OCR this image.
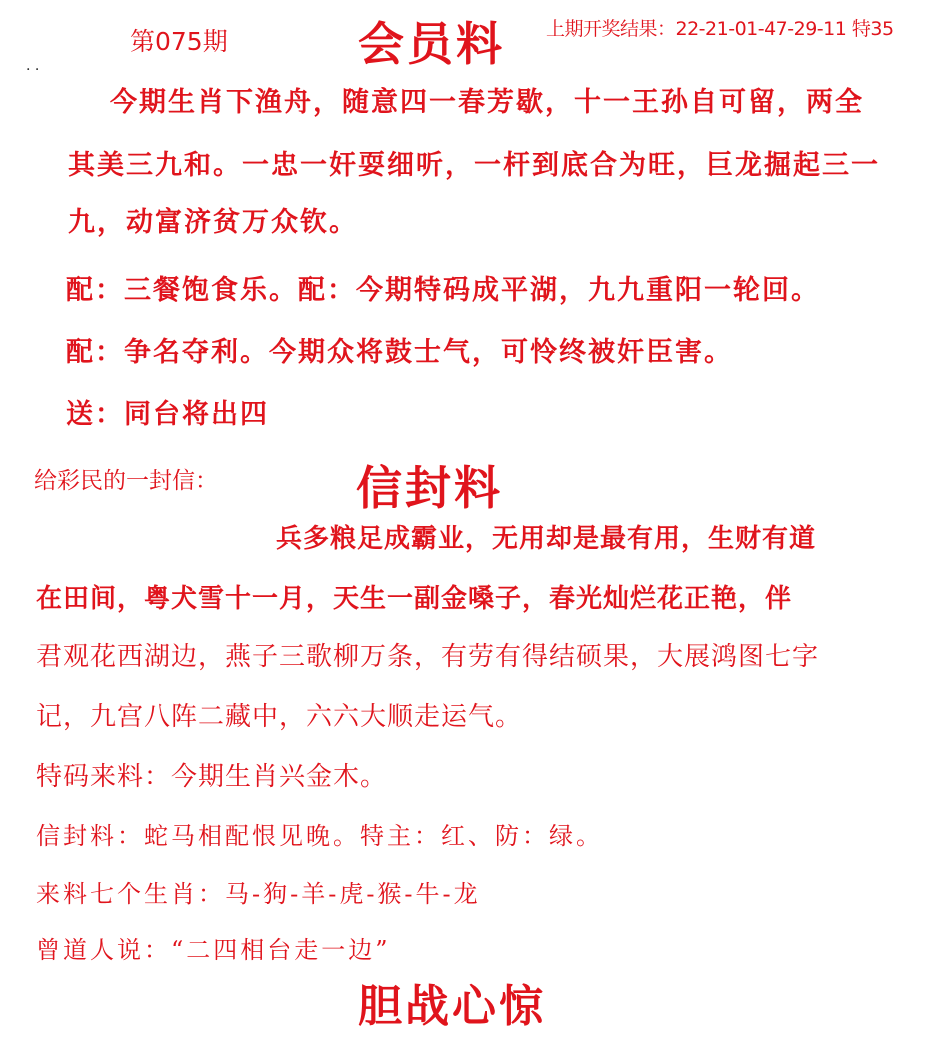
第075期	会员料 上期开奖结果：22-21-01-47-29-11 特35
. .
今期生肖下渔舟，随意四一春芳歇，十一王孙自可留，两全
其美三九和。一忠一奸耍细听，一杆到底合为旺，巨龙掘起三一
九，动富济贫万众钦。
配：三餐饱食乐。配：今期特码成平湖，九九重阳一轮回。
配：争名夺利。今期众将鼓士气，可怜终被奸臣害。
送：同台将出四
给彩民的一封信：	信封料
兵多粮足成霸业，无用却是最有用，生财有道
在田间，粤犬雪十一月，天生一副金嗓子，春光灿烂花正艳，伴
君观花西湖边，燕子三歌柳万条，有劳有得结硕果，大展鸿图七字
记，九宫八阵二藏中，六六大顺走运气。
特码来料：今期生肖兴金木。
信封料：蛇马相配恨见晚。特主：红、防：绿。
来料七个生肖：马-狗-羊-虎-猴-牛-龙
曾道人说：“二四相台走一边”
胆战心惊
